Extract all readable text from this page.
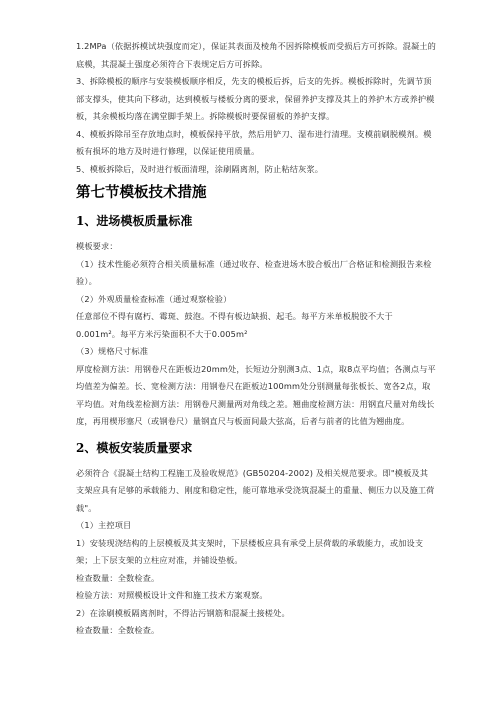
1.2MPa（依据拆模试块强度而定），保证其表面及棱角不因拆除模板而受损后方可拆除。混凝土的底模，其混凝土强度必须符合下表规定后方可拆除。

3、拆除模板的顺序与安装模板顺序相反，先支的模板后拆，后支的先拆。模板拆除时，先调节顶部支撑头，使其向下移动，达到模板与楼板分离的要求，保留养护支撑及其上的养护木方或养护模板，其余模板均落在满堂脚手架上。拆除模板时要保留板的养护支撑。

4、模板拆除吊至存放地点时，模板保持平放，然后用铲刀、湿布进行清理。支模前刷脱模剂。模板有损坏的地方及时进行修理，以保证使用质量。

5、模板拆除后，及时进行板面清理，涂刷隔离剂，防止粘结灰浆。

第七节模板技术措施
1、进场模板质量标准

模板要求：

（1）技术性能必须符合相关质量标准（通过收存、检查进场木胶合板出厂合格证和检测报告来检验）。

（2）外观质量检查标准（通过观察检验）

任意部位不得有腐朽、霉斑、鼓泡。不得有板边缺损、起毛。每平方米单板脱胶不大于0.001m²。每平方米污染面积不大于0.005m²

（3）规格尺寸标准

厚度检测方法：用钢卷尺在距板边20mm处，长短边分别测3点、1点，取8点平均值；各测点与平均值差为偏差。长、宽检测方法：用钢卷尺在距板边100mm处分别测量每张板长、宽各2点，取平均值。对角线差检测方法：用钢卷尺测量两对角线之差。翘曲度检测方法：用钢直尺量对角线长度，再用楔形塞尺（或钢卷尺）量钢直尺与板面间最大弦高，后者与前者的比值为翘曲度。

2、模板安装质量要求

必须符合《混凝土结构工程施工及验收规范》(GB50204-2002) 及相关规范要求。即"模板及其支架应具有足够的承载能力、刚度和稳定性，能可靠地承受浇筑混凝土的重量、侧压力以及施工荷载"。

（1）主控项目

1）安装现浇结构的上层模板及其支架时，下层楼板应具有承受上层荷载的承载能力，或加设支架；上下层支架的立柱应对准，并铺设垫板。

检查数量：全数检查。

检验方法：对照模板设计文件和施工技术方案观察。

2）在涂刷模板隔离剂时，不得沾污钢筋和混凝土接槎处。

检查数量：全数检查。
